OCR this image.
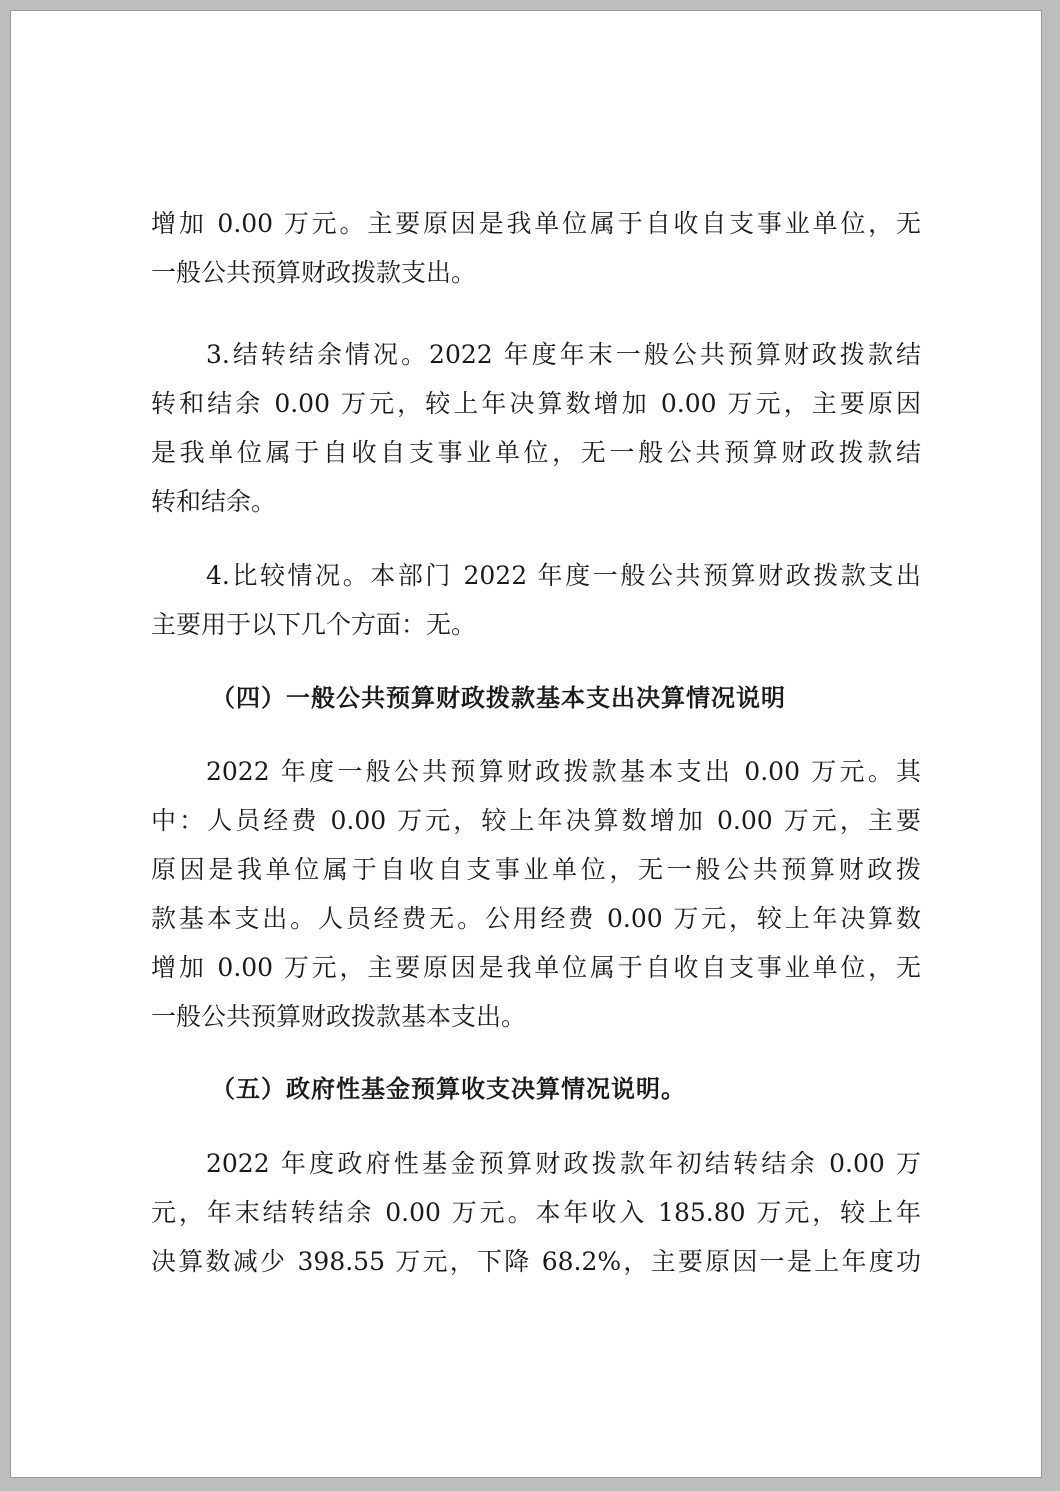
增加 0.00 万元。主要原因是我单位属于自收自支事业单位，无
一般公共预算财政拨款支出。
3.结转结余情况。2022 年度年末一般公共预算财政拨款结
转和结余 0.00 万元，较上年决算数增加 0.00 万元，主要原因
是我单位属于自收自支事业单位，无一般公共预算财政拨款结
转和结余。
4.比较情况。本部门 2022 年度一般公共预算财政拨款支出
主要用于以下几个方面：无。
（四）一般公共预算财政拨款基本支出决算情况说明
2022 年度一般公共预算财政拨款基本支出 0.00 万元。其
中：人员经费 0.00 万元，较上年决算数增加 0.00 万元，主要
原因是我单位属于自收自支事业单位，无一般公共预算财政拨
款基本支出。人员经费无。公用经费 0.00 万元，较上年决算数
增加 0.00 万元，主要原因是我单位属于自收自支事业单位，无
一般公共预算财政拨款基本支出。
（五）政府性基金预算收支决算情况说明。
2022 年度政府性基金预算财政拨款年初结转结余 0.00 万
元，年末结转结余 0.00 万元。本年收入 185.80 万元，较上年
决算数减少 398.55 万元，下降 68.2%，主要原因一是上年度功
